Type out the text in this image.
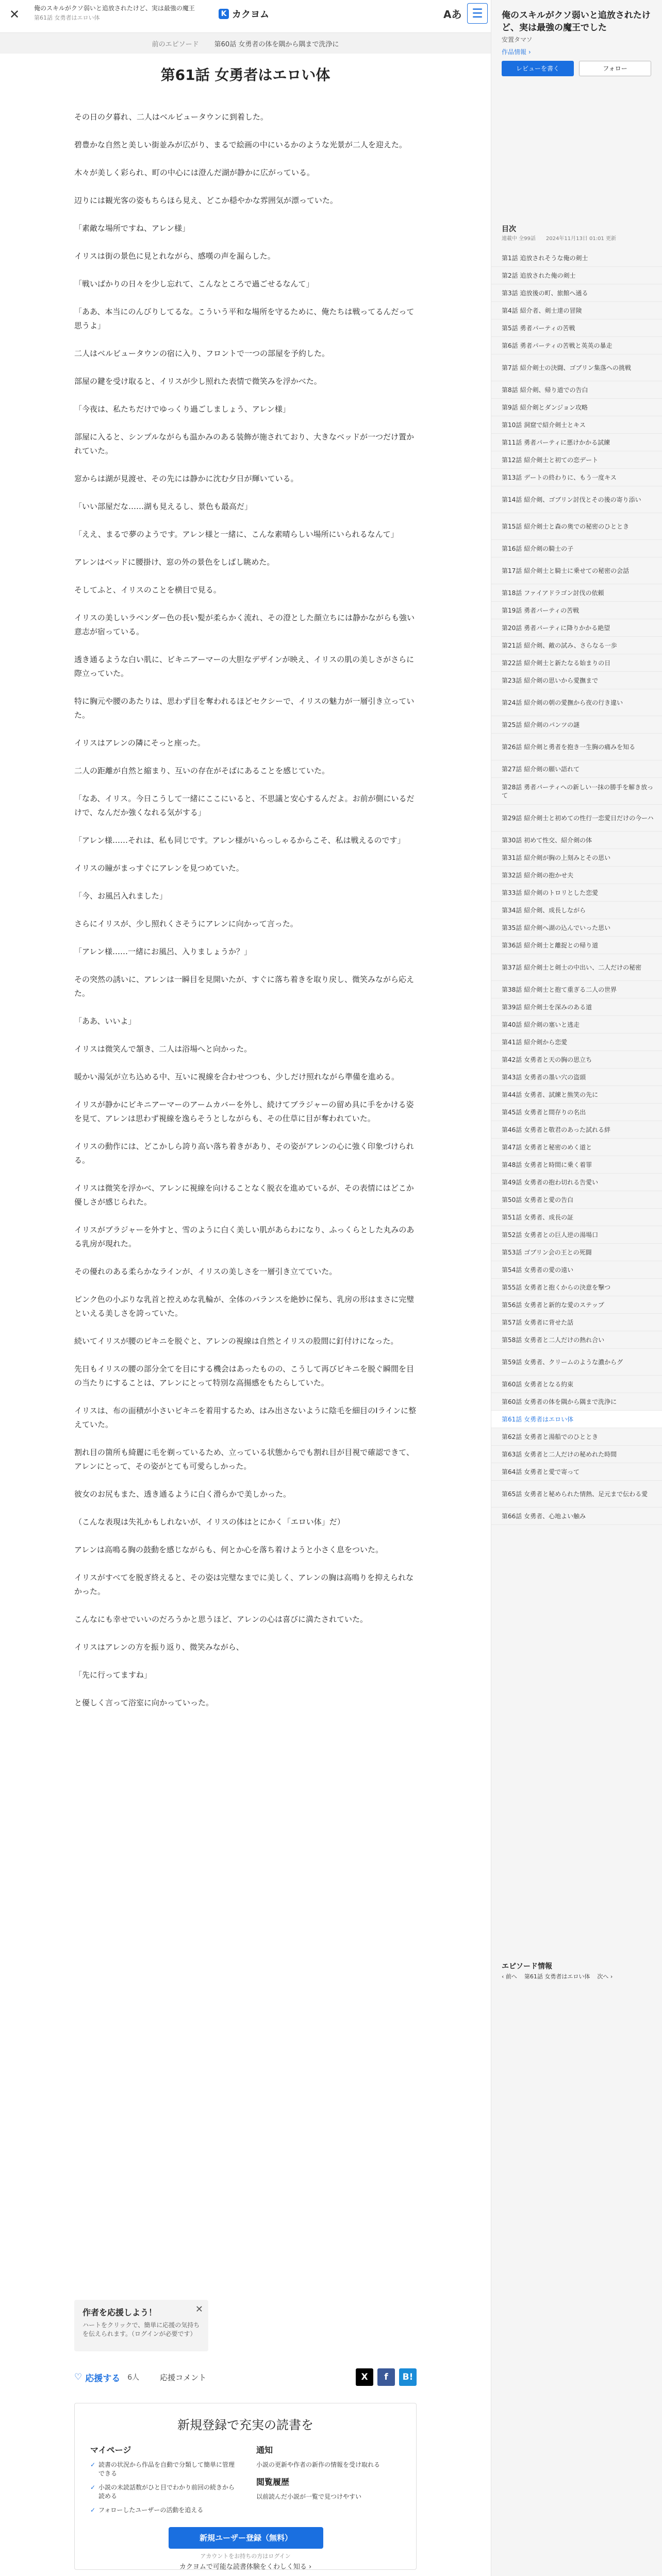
✕	俺のスキルがクソ弱いと追放されたけど、実は最強の魔王
第61話 女勇者はエロい体	K カクヨム	Aあ ☰
前のエピソード 第60話 女勇者の体を隅から隅まで洗浄に
第61話 女勇者はエロい体

その日の夕暮れ、二人はベルビュータウンに到着した。

碧豊かな自然と美しい街並みが広がり、まるで絵画の中にいるかのような光景が二人を迎えた。

木々が美しく彩られ、町の中心には澄んだ湖が静かに広がっている。

辺りには観光客の姿もちらほら見え、どこか穏やかな雰囲気が漂っていた。

「素敵な場所ですね、アレン様」

イリスは街の景色に見とれながら、感嘆の声を漏らした。

「戦いばかりの日々を少し忘れて、こんなところで過ごせるなんて」

「ああ、本当にのんびりしてるな。こういう平和な場所を守るために、俺たちは戦ってるんだって思うよ」

二人はベルビュータウンの宿に入り、フロントで一つの部屋を予約した。

部屋の鍵を受け取ると、イリスが少し照れた表情で微笑みを浮かべた。

「今夜は、私たちだけでゆっくり過ごしましょう、アレン様」

部屋に入ると、シンプルながらも温かみのある装飾が施されており、大きなベッドが一つだけ置かれていた。

窓からは湖が見渡せ、その先には静かに沈む夕日が輝いている。

「いい部屋だな……湖も見えるし、景色も最高だ」

「ええ、まるで夢のようです。アレン様と一緒に、こんな素晴らしい場所にいられるなんて」

アレンはベッドに腰掛け、窓の外の景色をしばし眺めた。

そしてふと、イリスのことを横目で見る。

イリスの美しいラベンダー色の長い髪が柔らかく流れ、その澄とした顔立ちには静かながらも強い意志が宿っている。

透き通るような白い肌に、ビキニアーマーの大胆なデザインが映え、イリスの肌の美しさがさらに際立っていた。

特に胸元や腰のあたりは、思わず目を奪われるほどセクシーで、イリスの魅力が一層引き立っていた。

イリスはアレンの隣にそっと座った。

二人の距離が自然と縮まり、互いの存在がそばにあることを感じていた。

「なあ、イリス。今日こうして一緒にここにいると、不思議と安心するんだよ。お前が側にいるだけで、なんだか強くなれる気がする」

「アレン様……それは、私も同じです。アレン様がいらっしゃるからこそ、私は戦えるのです」

イリスの瞳がまっすぐにアレンを見つめていた。

「今、お風呂入れました」

さらにイリスが、少し照れくさそうにアレンに向かって言った。

「アレン様……一緒にお風呂、入りましょうか？」

その突然の誘いに、アレンは一瞬目を見開いたが、すぐに落ち着きを取り戻し、微笑みながら応えた。

「ああ、いいよ」

イリスは微笑んで頷き、二人は浴場へと向かった。

暖かい湯気が立ち込める中、互いに視線を合わせつつも、少しだけ照れながら準備を進める。

イリスが静かにビキニアーマーのアームカバーを外し、続けてブラジャーの留め具に手をかける姿を見て、アレンは思わず視線を逸らそうとしながらも、その仕草に目が奪われていた。

イリスの動作には、どこかしら誇り高い落ち着きがあり、その姿がアレンの心に強く印象づけられる。

イリスは微笑を浮かべ、アレンに視線を向けることなく脱衣を進めているが、その表情にはどこか優しさが感じられた。

イリスがブラジャーを外すと、雪のように白く美しい肌があらわになり、ふっくらとした丸みのある乳房が現れた。

その優れのある柔らかなラインが、イリスの美しさを一層引き立てていた。

ピンク色の小ぶりな乳首と控えめな乳輪が、全体のバランスを絶妙に保ち、乳房の形はまさに完璧といえる美しさを誇っていた。

続いてイリスが腰のビキニを脱ぐと、アレンの視線は自然とイリスの股間に釘付けになった。

先日もイリスの腰の部分全てを目にする機会はあったものの、こうして再びビキニを脱ぐ瞬間を目の当たりにすることは、アレンにとって特別な高揚感をもたらしていた。

イリスは、布の面積が小さいビキニを着用するため、はみ出さないように陰毛を細目のIラインに整えていた。

割れ目の箇所も綺麗に毛を剃っているため、立っている状態からでも割れ目が目視で確認できて、アレンにとって、その姿がとても可愛らしかった。

彼女のお尻もまた、透き通るように白く滑らかで美しかった。

（こんな表現は失礼かもしれないが、イリスの体はとにかく「エロい体」だ）

アレンは高鳴る胸の鼓動を感じながらも、何とか心を落ち着けようと小さく息をついた。

イリスがすべてを脱ぎ終えると、その姿は完璧なまでに美しく、アレンの胸は高鳴りを抑えられなかった。

こんなにも幸せでいいのだろうかと思うほど、アレンの心は喜びに満たされていた。

イリスはアレンの方を振り返り、微笑みながら、

「先に行ってますね」

と優しく言って浴室に向かっていった。

作者を応援しよう！
ハートをクリックで、簡単に応援の気持ちを伝えられます。（ログインが必要です）
✕
♡ 応援する 6人	応援コメント	X	f	B!
新規登録で充実の読書を
マイページ
✓ 読書の状況から作品を自動で分類して簡単に管理できる
✓ 小説の未読話数がひと目でわかり前回の続きから読める
✓ フォローしたユーザーの活動を追える
通知
小説の更新や作者の新作の情報を受け取れる
閲覧履歴
以前読んだ小説が一覧で見つけやすい
新規ユーザー登録（無料）
アカウントをお持ちの方はログイン
カクヨムで可能な読書体験をくわしく知る ›
俺のスキルがクソ弱いと追放されたけど、実は最強の魔王でした
安置タマソ
作品情報 ›
レビューを書く	フォロー
目次
連載中 全99話　　2024年11月13日 01:01 更新
第1話 追放されそうな俺の剣士
第2話 追放された俺の剣士
第3話 追放後の町、旅館へ通る
第4話 紹介者、剣士達の冒険
第5話 勇者パーティの苦戦
第6話 勇者パーティの苦戦と英英の暴走
第7話 紹介剣士の決闘、ゴブリン集落への挑戦
第8話 紹介剣、帰り道での告白
第9話 紹介剣とダンジョン攻略
第10話 洞窟で紹介剣士とキス
第11話 勇者パーティに悪けかかる試練
第12話 紹介剣士と初ての恋デート
第13話 デートの終わりに、もう一度キス
第14話 紹介剣、ゴブリン討伐とその後の寄り添い
第15話 紹介剣士と森の奥での秘密のひととき
第16話 紹介剣の騎士の子
第17話 紹介剣士と騎士に乗せての秘密の会話
第18話 ファイアドラゴン討伐の依頼
第19話 勇者パーティの苦戦
第20話 勇者パーティに降りかかる絶望
第21話 紹介剣、敵の試み、さらなる一歩
第22話 紹介剣士と新たなる始まりの日
第23話 紹介剣の思いから愛撫まで
第24話 紹介剣の朝の愛撫から夜の行き違い
第25話 紹介剣のパンツの謎
第26話 紹介剣と勇者を抱き一生胸の痛みを知る
第27話 紹介剣の願い語れて
第28話 勇者パーティへの新しい一抹の勝手を解き放って
第29話 紹介剣士と初めての性行一恋愛日だけの今ーハ
第30話 初めて性交、紹介剣の体
第31話 紹介剣が胸の上刻みとその思い
第32話 紹介剣の抱かせ夫
第33話 紹介剣のトロリとした恋愛
第34話 紹介剣、成長しながら
第35話 紹介剣へ湖の込んでいった思い
第36話 紹介剣士と離捉との帰り道
第37話 紹介剣士と剣士の中出い、二人だけの秘密
第38話 紹介剣士と抱て重ぎる二人の世界
第39話 紹介剣士を深みのある道
第40話 紹介剣の塞いと逃走
第41話 紹介剣から恋愛
第42話 女勇者と天の胸の思立ち
第43話 女勇者の墨い穴の盗頭
第44話 女勇者、試練と熊笑の先に
第45話 女勇者と間存りの名出
第46話 女勇者と敬君のあった試れる絆
第47話 女勇者と秘密のめく道と
第48話 女勇者と時間に乗く着罪
第49話 女勇者の抱わ切れる告愛い
第50話 女勇者と愛の告白
第51話 女勇者、成長の証
第52話 女勇者との巨人逆の湯場口
第53話 ゴブリン会の王との死闘
第54話 女勇者の愛の遠い
第55話 女勇者と抱くからの決意を撃つ
第56話 女勇者と新的な愛のステップ
第57話 女勇者に背せた話
第58話 女勇者と二人だけの熱れ合い
第59話 女勇者、クリームのような濃からグ
第60話 女勇者となる約束
第60話 女勇者の体を隅から隅まで洗浄に
第61話 女勇者はエロい体
第62話 女勇者と湯船でのひととき
第63話 女勇者と二人だけの秘めれた時間
第64話 女勇者と愛で寄って
第65話 女勇者と秘められた情熱、足元まで伝わる愛
第66話 女勇者、心地よい触み
エピソード情報
‹ 前へ 第61話 女勇者はエロい体 次へ ›
